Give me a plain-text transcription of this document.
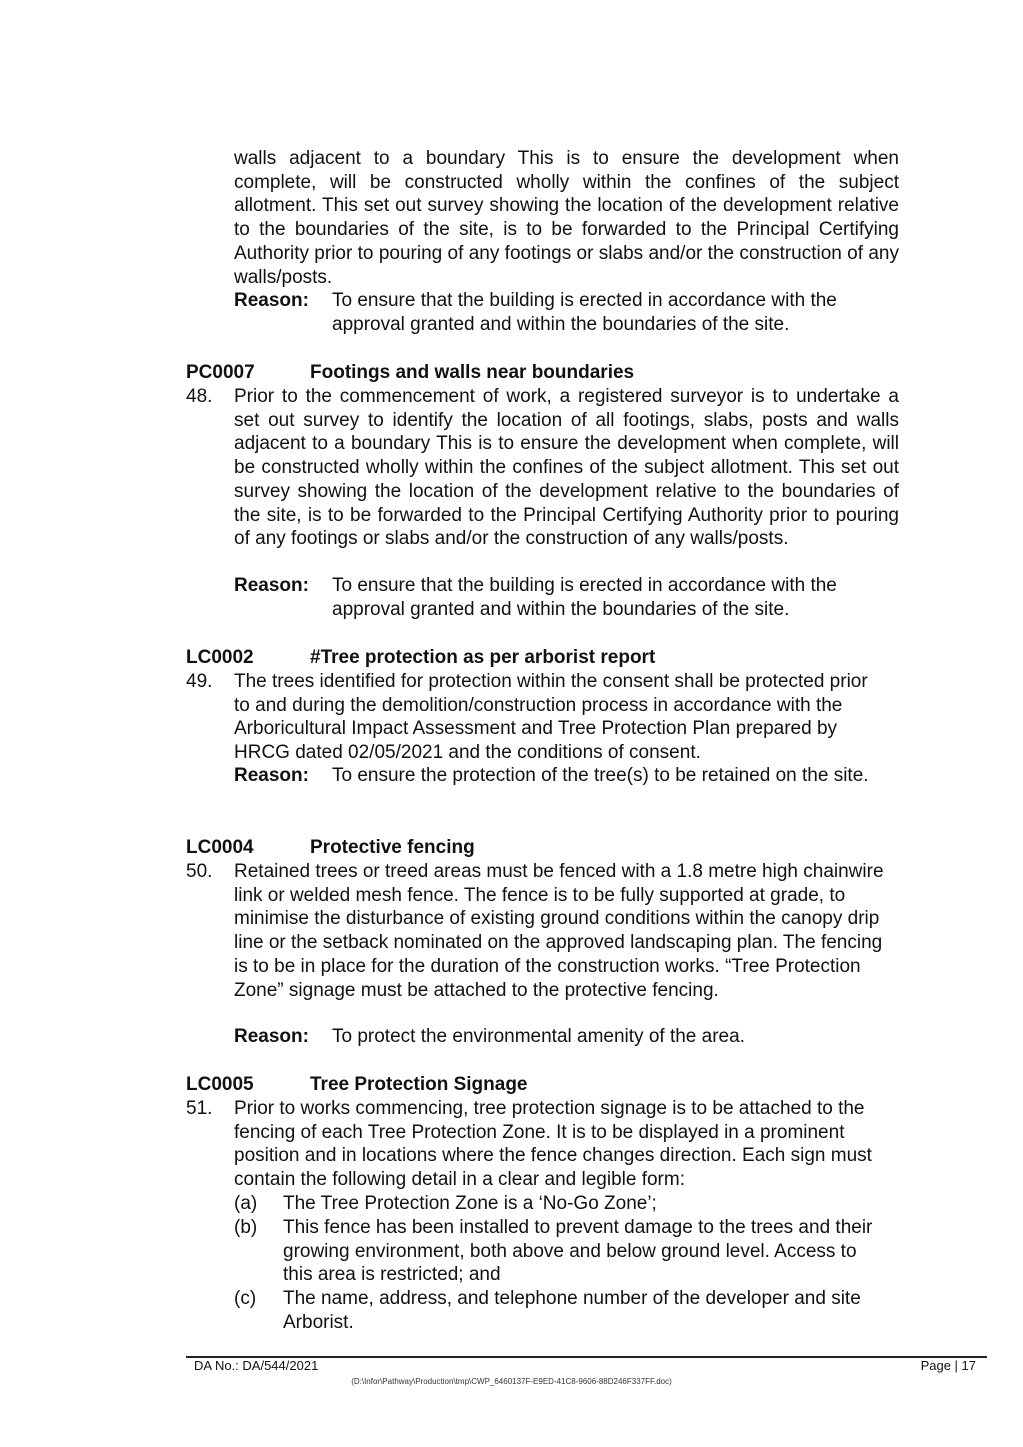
walls adjacent to a boundary This is to ensure the development when complete, will be constructed wholly within the confines of the subject allotment. This set out survey showing the location of the development relative to the boundaries of the site, is to be forwarded to the Principal Certifying Authority prior to pouring of any footings or slabs and/or the construction of any walls/posts.
Reason: To ensure that the building is erected in accordance with the approval granted and within the boundaries of the site.
PC0007	Footings and walls near boundaries
48. Prior to the commencement of work, a registered surveyor is to undertake a set out survey to identify the location of all footings, slabs, posts and walls adjacent to a boundary This is to ensure the development when complete, will be constructed wholly within the confines of the subject allotment. This set out survey showing the location of the development relative to the boundaries of the site, is to be forwarded to the Principal Certifying Authority prior to pouring of any footings or slabs and/or the construction of any walls/posts.
Reason: To ensure that the building is erected in accordance with the approval granted and within the boundaries of the site.
LC0002	#Tree protection as per arborist report
49. The trees identified for protection within the consent shall be protected prior to and during the demolition/construction process in accordance with the Arboricultural Impact Assessment and Tree Protection Plan prepared by HRCG dated 02/05/2021 and the conditions of consent.
Reason: To ensure the protection of the tree(s) to be retained on the site.
LC0004	Protective fencing
50. Retained trees or treed areas must be fenced with a 1.8 metre high chainwire link or welded mesh fence. The fence is to be fully supported at grade, to minimise the disturbance of existing ground conditions within the canopy drip line or the setback nominated on the approved landscaping plan. The fencing is to be in place for the duration of the construction works. “Tree Protection Zone” signage must be attached to the protective fencing.
Reason: To protect the environmental amenity of the area.
LC0005	Tree Protection Signage
51. Prior to works commencing, tree protection signage is to be attached to the fencing of each Tree Protection Zone. It is to be displayed in a prominent position and in locations where the fence changes direction. Each sign must contain the following detail in a clear and legible form:
(a) The Tree Protection Zone is a ‘No-Go Zone’;
(b) This fence has been installed to prevent damage to the trees and their growing environment, both above and below ground level. Access to this area is restricted; and
(c) The name, address, and telephone number of the developer and site Arborist.
DA No.: DA/544/2021	Page | 17
(D:\Infor\Pathway\Production\tmp\CWP_6460137F-E9ED-41C8-9606-88D246F337FF.doc)
